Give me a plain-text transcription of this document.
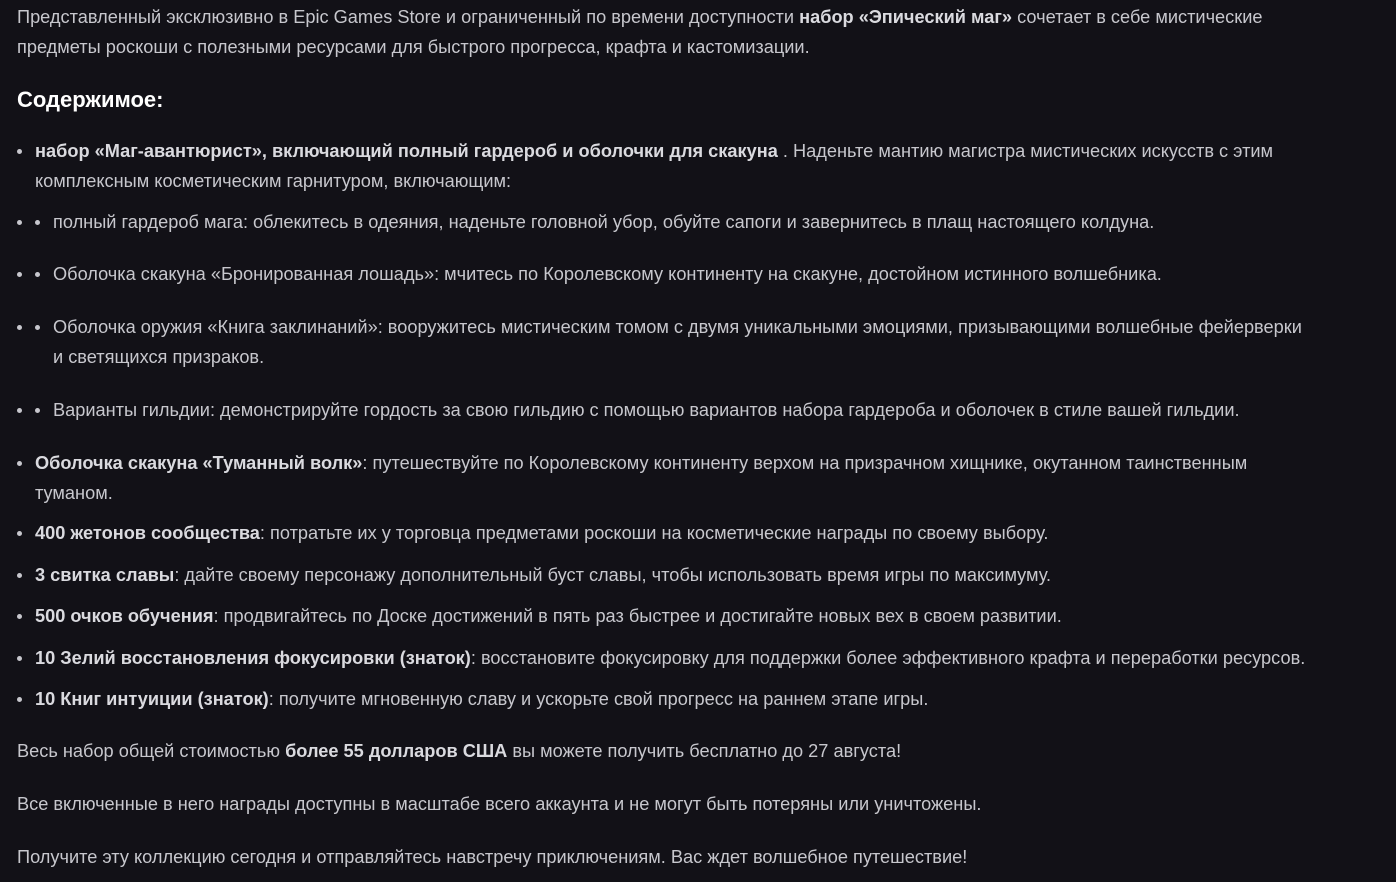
Представленный эксклюзивно в Epic Games Store и ограниченный по времени доступности набор «Эпический маг» сочетает в себе мистические
предметы роскоши с полезными ресурсами для быстрого прогресса, крафта и кастомизации.
Содержимое:
набор «Маг-авантюрист», включающий полный гардероб и оболочки для скакуна . Наденьте мантию магистра мистических искусств с этим
комплексным косметическим гарнитуром, включающим:
полный гардероб мага: облекитесь в одеяния, наденьте головной убор, обуйте сапоги и завернитесь в плащ настоящего колдуна.
Оболочка скакуна «Бронированная лошадь»: мчитесь по Королевскому континенту на скакуне, достойном истинного волшебника.
Оболочка оружия «Книга заклинаний»: вооружитесь мистическим томом с двумя уникальными эмоциями, призывающими волшебные фейерверки
и светящихся призраков.
Варианты гильдии: демонстрируйте гордость за свою гильдию с помощью вариантов набора гардероба и оболочек в стиле вашей гильдии.
Оболочка скакуна «Туманный волк»: путешествуйте по Королевскому континенту верхом на призрачном хищнике, окутанном таинственным
туманом.
400 жетонов сообщества: потратьте их у торговца предметами роскоши на косметические награды по своему выбору.
3 свитка славы: дайте своему персонажу дополнительный буст славы, чтобы использовать время игры по максимуму.
500 очков обучения: продвигайтесь по Доске достижений в пять раз быстрее и достигайте новых вех в своем развитии.
10 Зелий восстановления фокусировки (знаток): восстановите фокусировку для поддержки более эффективного крафта и переработки ресурсов.
10 Книг интуиции (знаток): получите мгновенную славу и ускорьте свой прогресс на раннем этапе игры.
Весь набор общей стоимостью более 55 долларов США вы можете получить бесплатно до 27 августа!
Все включенные в него награды доступны в масштабе всего аккаунта и не могут быть потеряны или уничтожены.
Получите эту коллекцию сегодня и отправляйтесь навстречу приключениям. Вас ждет волшебное путешествие!
